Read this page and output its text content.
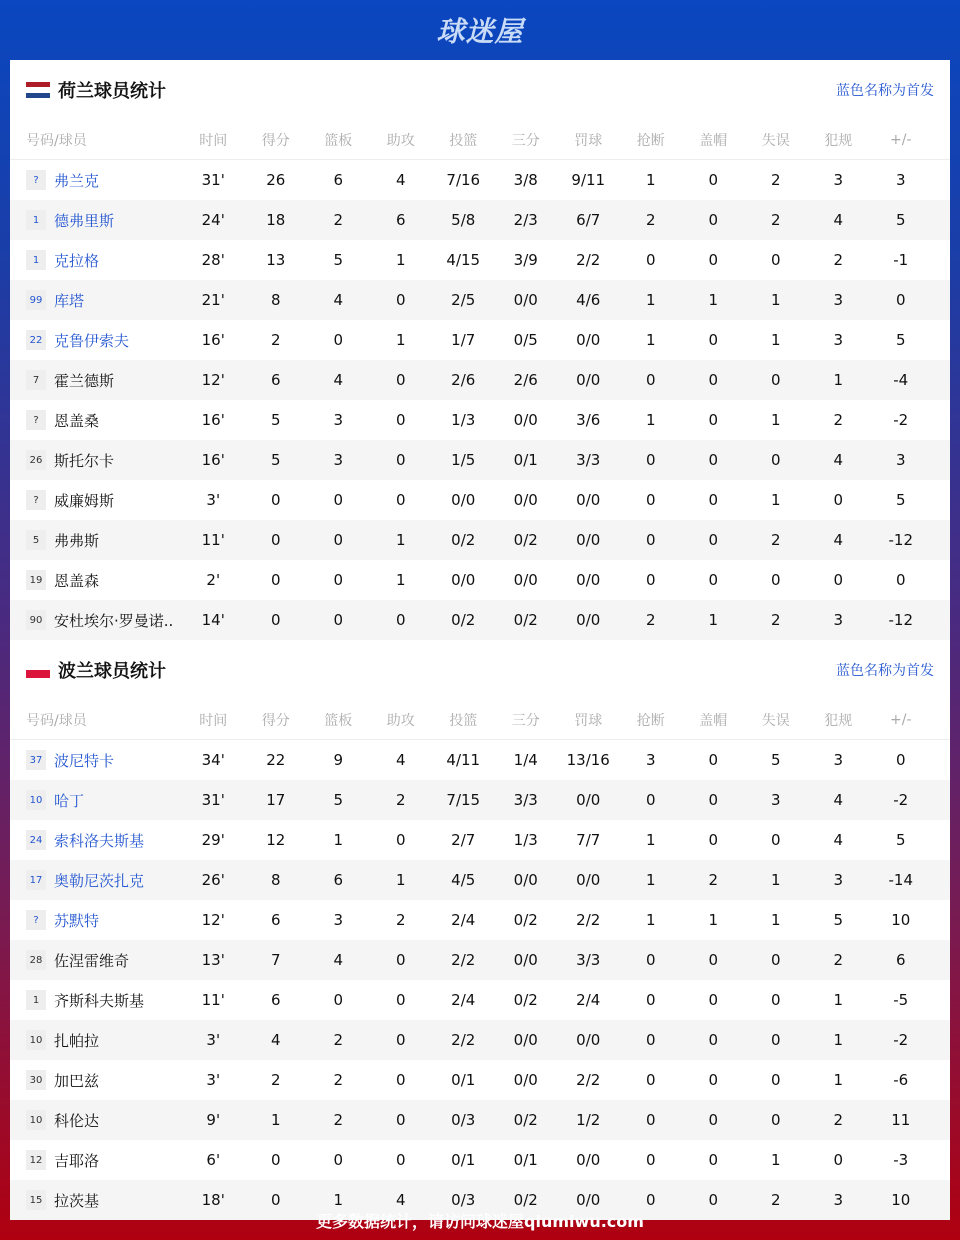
球迷屋
荷兰球员统计	蓝色名称为首发
号码/球员	时间	得分	篮板	助攻	投篮	三分	罚球	抢断	盖帽	失误	犯规	+/-
?	弗兰克	31'	26	6	4	7/16	3/8	9/11	1	0	2	3	3
1 德弗里斯	24'	18	2	6	5/8	2/3	6/7	2	0	2	4	5
1 克拉格	28'	13	5	1	4/15	3/9	2/2	0	0	0	2	-1
99 库塔	21'	8	4	0	2/5	0/0	4/6	1	1	1	3	0
22 克鲁伊索夫	16'	2	0	1	1/7	0/5	0/0	1	0	1	3	5
7 霍兰德斯	12'	6	4	0	2/6	2/6	0/0	0	0	0	1	-4
?	恩盖桑	16'	5	3	0	1/3	0/0	3/6	1	0	1	2	-2
26 斯托尔卡	16'	5	3	0	1/5	0/1	3/3	0	0	0	4	3
?	威廉姆斯	3'	0	0	0	0/0	0/0	0/0	0	0	1	0	5
5 弗弗斯	11'	0	0	1	0/2	0/2	0/0	0	0	2	4	-12
19 恩盖森	2'	0	0	1	0/0	0/0	0/0	0	0	0	0	0
90 安杜埃尔·罗曼诺..	14'	0	0	0	0/2	0/2	0/0	2	1	2	3	-12
波兰球员统计	蓝色名称为首发
号码/球员	时间	得分	篮板	助攻	投篮	三分	罚球	抢断	盖帽	失误	犯规	+/-
37 波尼特卡	34'	22	9	4	4/11	1/4	13/16	3	0	5	3	0
10 哈丁	31'	17	5	2	7/15	3/3	0/0	0	0	3	4	-2
24 索科洛夫斯基	29'	12	1	0	2/7	1/3	7/7	1	0	0	4	5
17 奥勒尼茨扎克	26'	8	6	1	4/5	0/0	0/0	1	2	1	3	-14
?	苏默特	12'	6	3	2	2/4	0/2	2/2	1	1	1	5	10
28 佐涅雷维奇	13'	7	4	0	2/2	0/0	3/3	0	0	0	2	6
1 齐斯科夫斯基	11'	6	0	0	2/4	0/2	2/4	0	0	0	1	-5
10 扎帕拉	3'	4	2	0	2/2	0/0	0/0	0	0	0	1	-2
30 加巴兹	3'	2	2	0	0/1	0/0	2/2	0	0	0	1	-6
10 科伦达	9'	1	2	0	0/3	0/2	1/2	0	0	0	2	11
12 吉耶洛	6'	0	0	0	0/1	0/1	0/0	0	0	1	0	-3
15 拉茨基	18'	0	1	4	0/3	0/2	0/0	0	0	2	3	10
更多数据统计，请访问球迷屋qiumiwu.com
